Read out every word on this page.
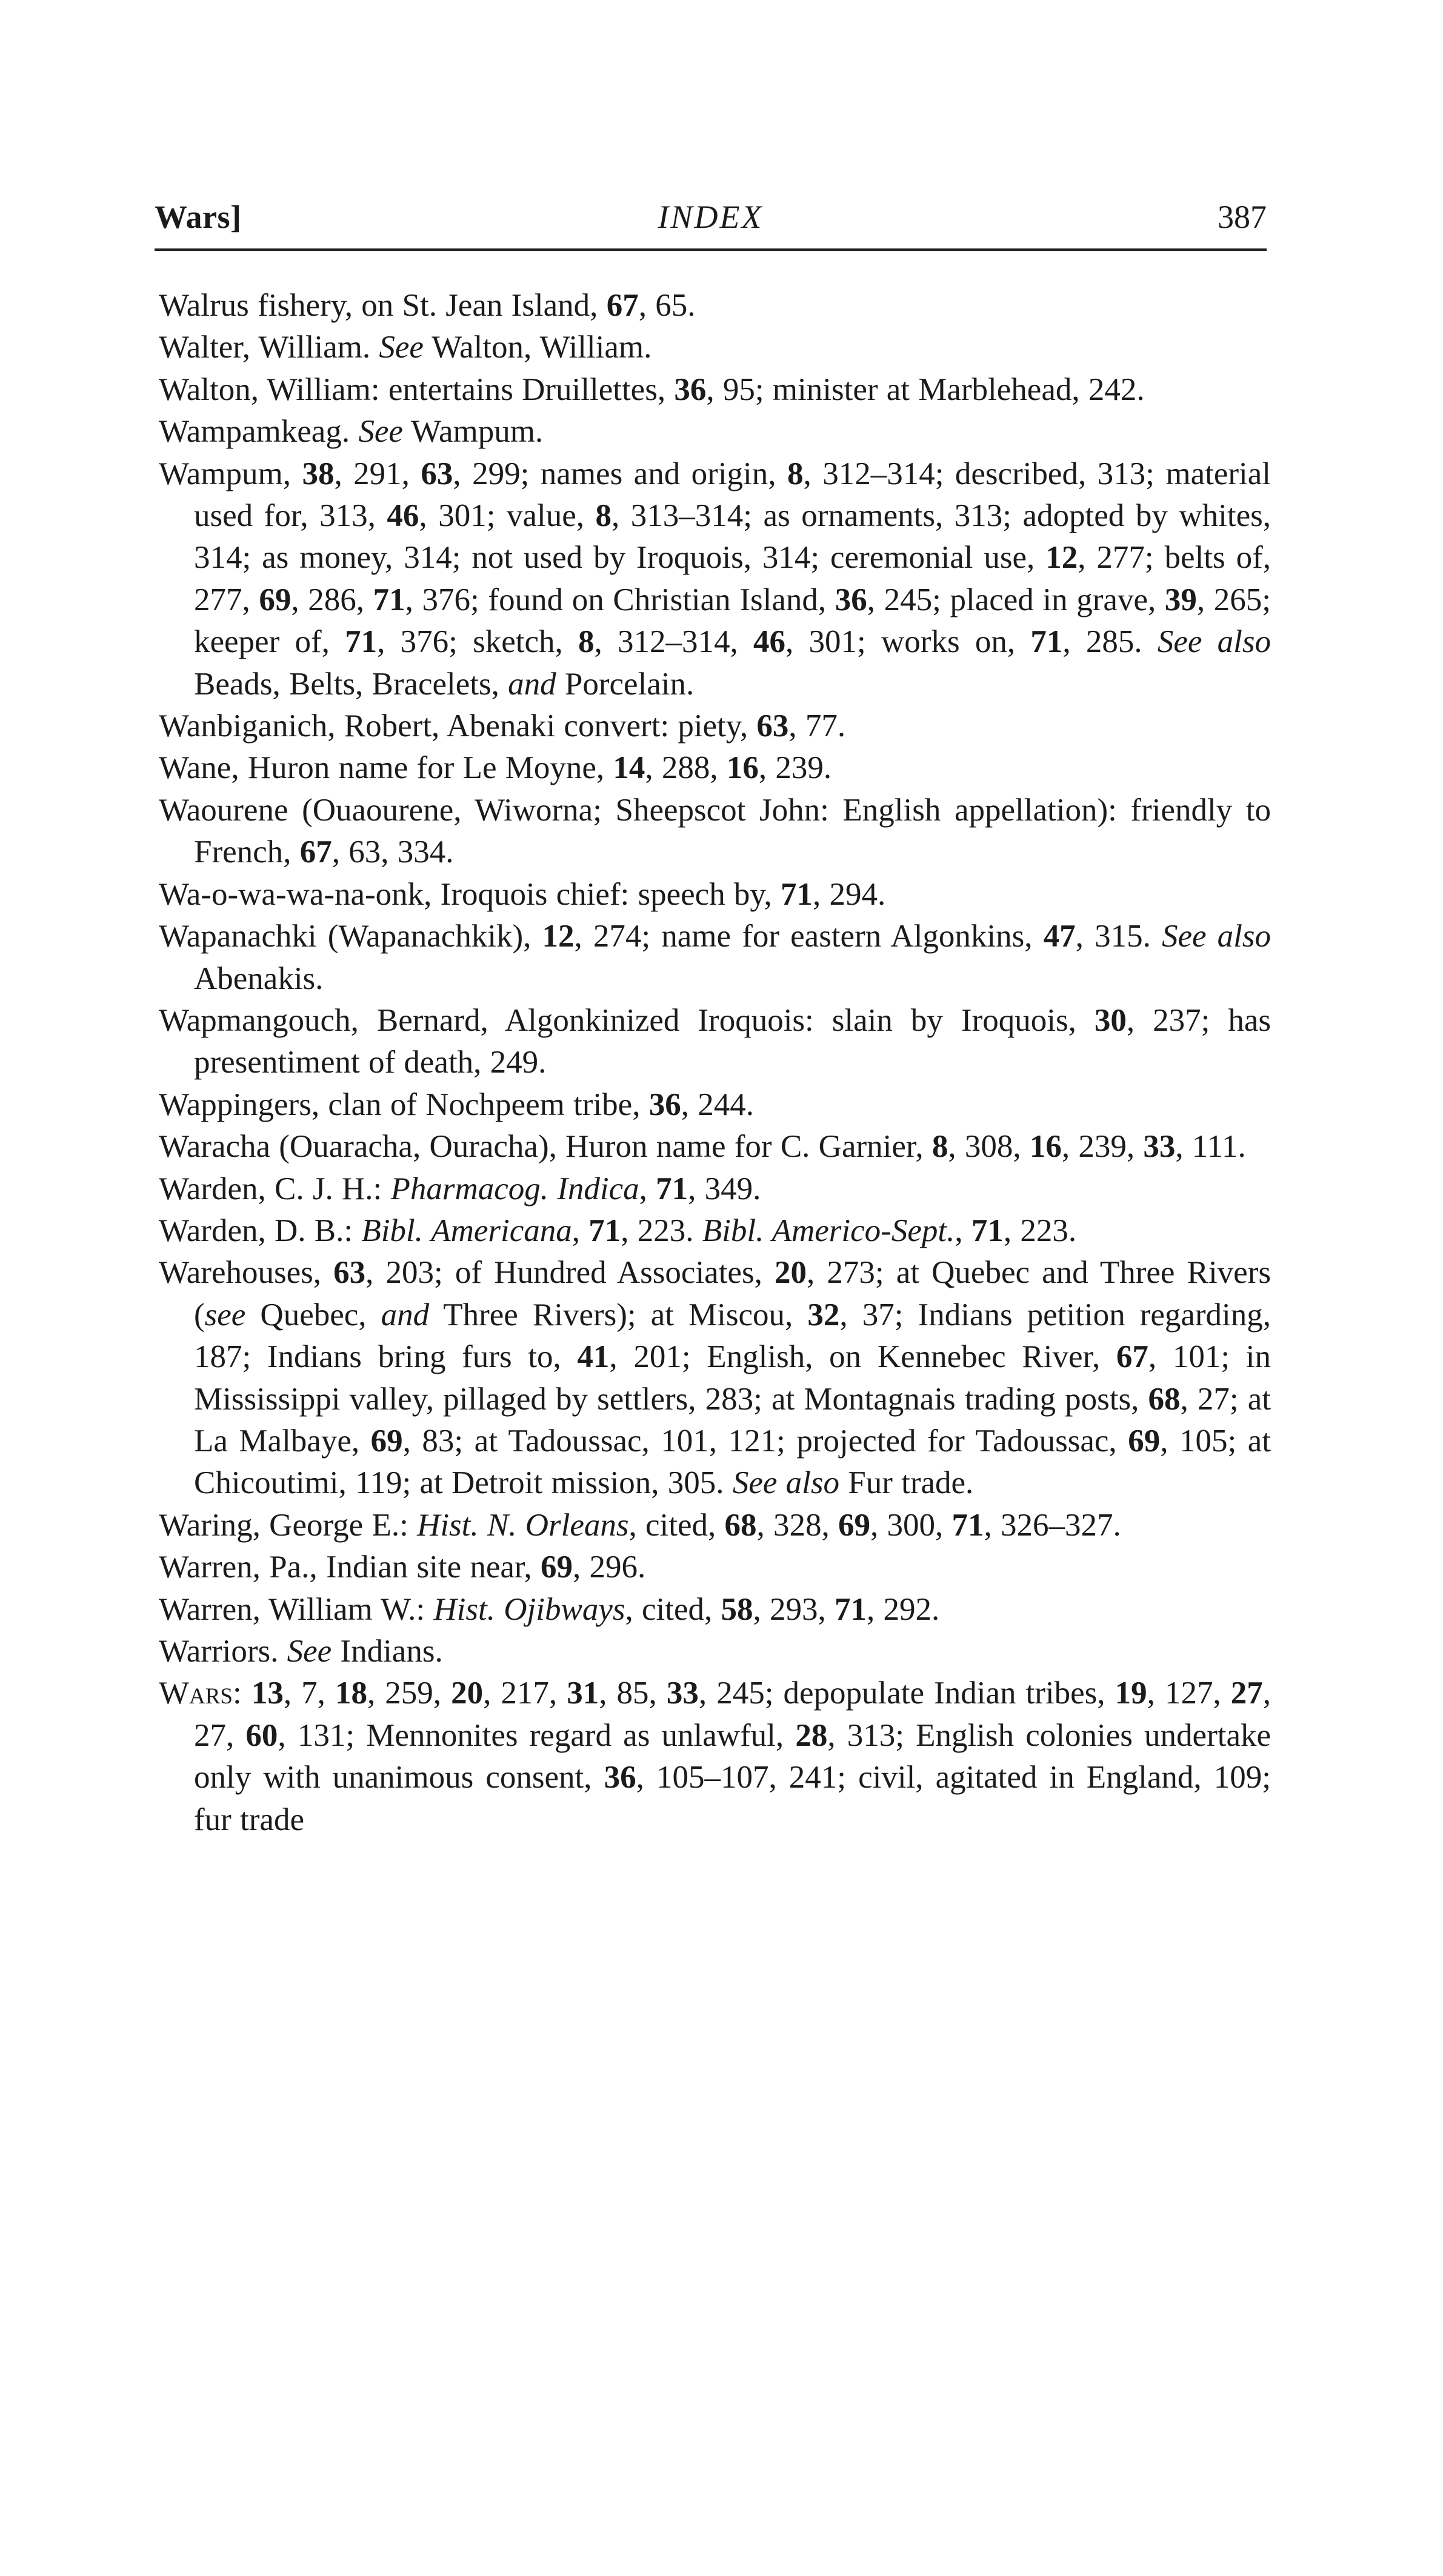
Wars]	INDEX	387
Walrus fishery, on St. Jean Island, 67, 65.
Walter, William. See Walton, William.
Walton, William: entertains Druillettes, 36, 95; minister at Marblehead, 242.
Wampamkeag. See Wampum.
Wampum, 38, 291, 63, 299; names and origin, 8, 312–314; described, 313; material used for, 313, 46, 301; value, 8, 313–314; as ornaments, 313; adopted by whites, 314; as money, 314; not used by Iroquois, 314; ceremonial use, 12, 277; belts of, 277, 69, 286, 71, 376; found on Christian Island, 36, 245; placed in grave, 39, 265; keeper of, 71, 376; sketch, 8, 312–314, 46, 301; works on, 71, 285. See also Beads, Belts, Bracelets, and Porcelain.
Wanbiganich, Robert, Abenaki convert: piety, 63, 77.
Wane, Huron name for Le Moyne, 14, 288, 16, 239.
Waourene (Ouaourene, Wiworna; Sheepscot John: English appellation): friendly to French, 67, 63, 334.
Wa-o-wa-wa-na-onk, Iroquois chief: speech by, 71, 294.
Wapanachki (Wapanachkik), 12, 274; name for eastern Algonkins, 47, 315. See also Abenakis.
Wapmangouch, Bernard, Algonkinized Iroquois: slain by Iroquois, 30, 237; has presentiment of death, 249.
Wappingers, clan of Nochpeem tribe, 36, 244.
Waracha (Ouaracha, Ouracha), Huron name for C. Garnier, 8, 308, 16, 239, 33, 111.
Warden, C. J. H.: Pharmacog. Indica, 71, 349.
Warden, D. B.: Bibl. Americana, 71, 223. Bibl. Americo-Sept., 71, 223.
Warehouses, 63, 203; of Hundred Associates, 20, 273; at Quebec and Three Rivers (see Quebec, and Three Rivers); at Miscou, 32, 37; Indians petition regarding, 187; Indians bring furs to, 41, 201; English, on Kennebec River, 67, 101; in Mississippi valley, pillaged by settlers, 283; at Montagnais trading posts, 68, 27; at La Malbaye, 69, 83; at Tadoussac, 101, 121; projected for Tadoussac, 69, 105; at Chicoutimi, 119; at Detroit mission, 305. See also Fur trade.
Waring, George E.: Hist. N. Orleans, cited, 68, 328, 69, 300, 71, 326–327.
Warren, Pa., Indian site near, 69, 296.
Warren, William W.: Hist. Ojibways, cited, 58, 293, 71, 292.
Warriors. See Indians.
Wars: 13, 7, 18, 259, 20, 217, 31, 85, 33, 245; depopulate Indian tribes, 19, 127, 27, 27, 60, 131; Mennonites regard as unlawful, 28, 313; English colonies undertake only with unanimous consent, 36, 105–107, 241; civil, agitated in England, 109; fur trade
